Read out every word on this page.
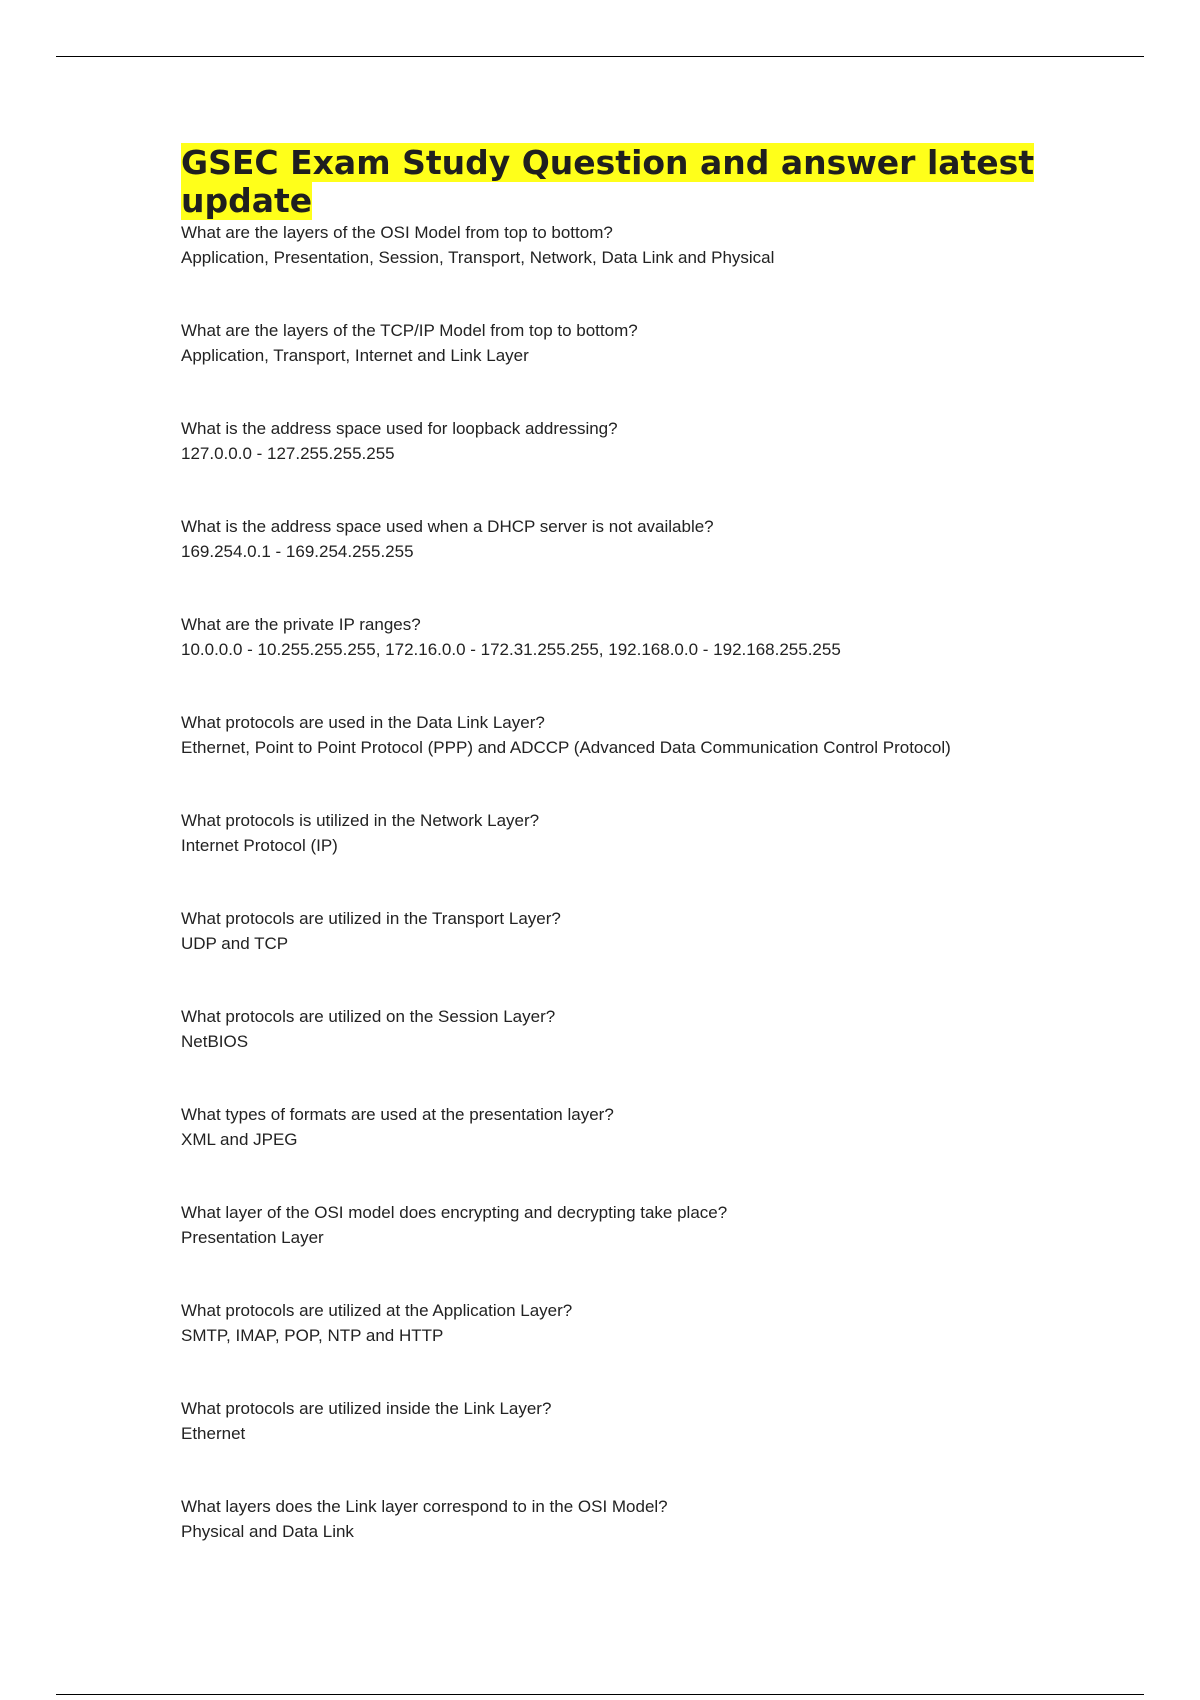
GSEC Exam Study Question and answer latest update
What are the layers of the OSI Model from top to bottom?
Application, Presentation, Session, Transport, Network, Data Link and Physical
What are the layers of the TCP/IP Model from top to bottom?
Application, Transport, Internet and Link Layer
What is the address space used for loopback addressing?
127.0.0.0 - 127.255.255.255
What is the address space used when a DHCP server is not available?
169.254.0.1 - 169.254.255.255
What are the private IP ranges?
10.0.0.0 - 10.255.255.255, 172.16.0.0 - 172.31.255.255, 192.168.0.0 - 192.168.255.255
What protocols are used in the Data Link Layer?
Ethernet, Point to Point Protocol (PPP) and ADCCP (Advanced Data Communication Control Protocol)
What protocols is utilized in the Network Layer?
Internet Protocol (IP)
What protocols are utilized in the Transport Layer?
UDP and TCP
What protocols are utilized on the Session Layer?
NetBIOS
What types of formats are used at the presentation layer?
XML and JPEG
What layer of the OSI model does encrypting and decrypting take place?
Presentation Layer
What protocols are utilized at the Application Layer?
SMTP, IMAP, POP, NTP and HTTP
What protocols are utilized inside the Link Layer?
Ethernet
What layers does the Link layer correspond to in the OSI Model?
Physical and Data Link
